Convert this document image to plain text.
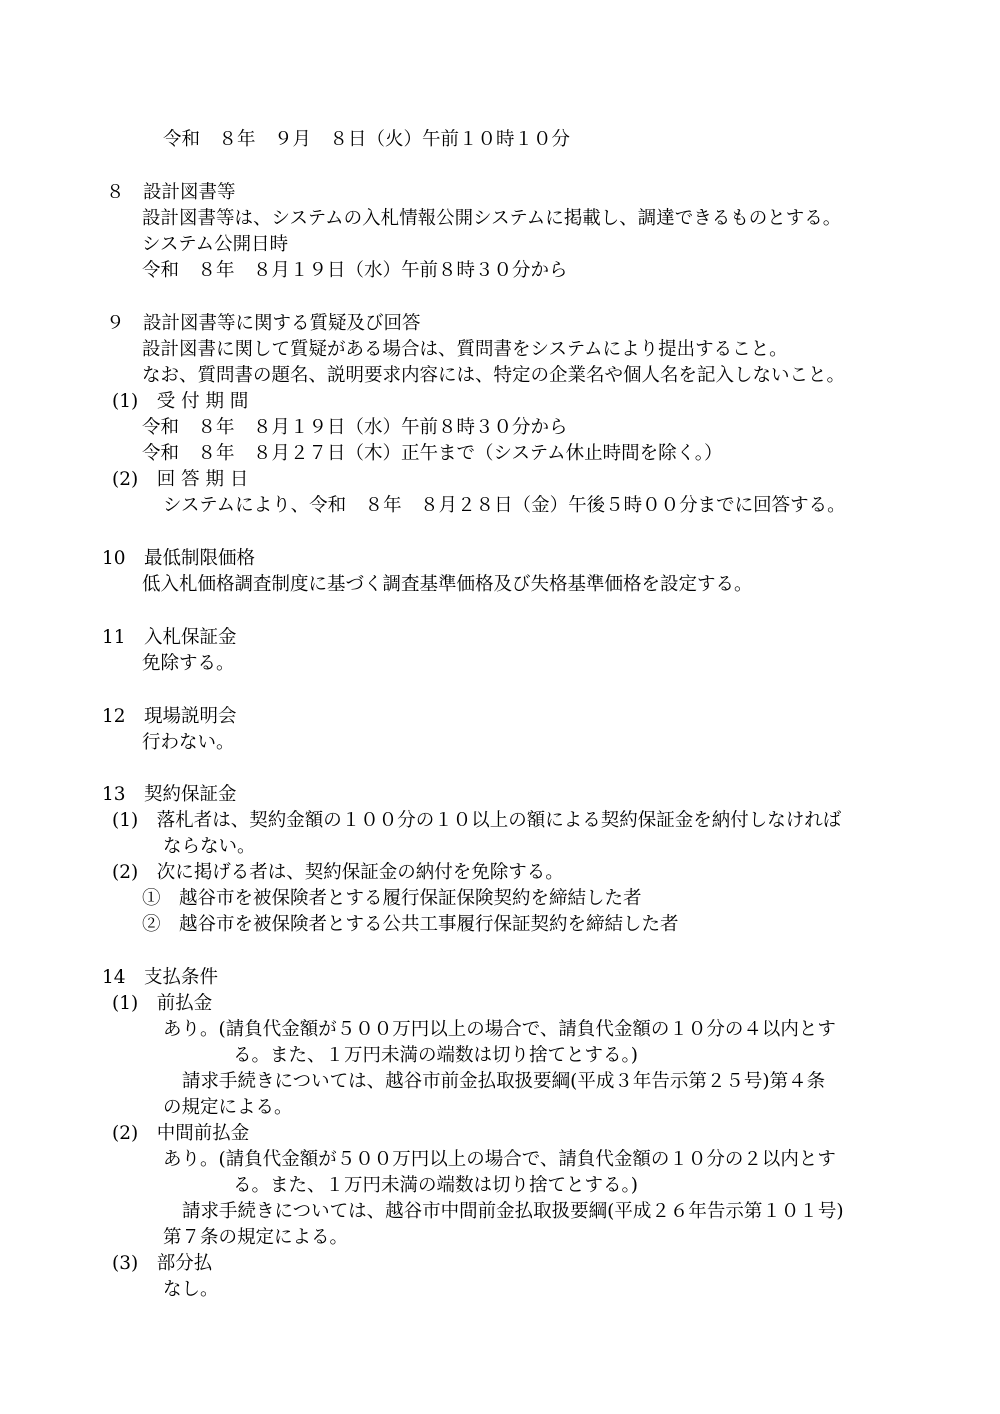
令和　８年　９月　８日（火）午前１０時１０分
８　設計図書等
設計図書等は、システムの入札情報公開システムに掲載し、調達できるものとする。
システム公開日時
令和　８年　８月１９日（水）午前８時３０分から
９　設計図書等に関する質疑及び回答
設計図書に関して質疑がある場合は、質問書をシステムにより提出すること。
なお、質問書の題名、説明要求内容には、特定の企業名や個人名を記入しないこと。
(1)　受 付 期 間
令和　８年　８月１９日（水）午前８時３０分から
令和　８年　８月２７日（木）正午まで（システム休止時間を除く。）
(2)　回 答 期 日
システムにより、令和　８年　８月２８日（金）午後５時００分までに回答する。
10　最低制限価格
低入札価格調査制度に基づく調査基準価格及び失格基準価格を設定する。
11　入札保証金
免除する。
12　現場説明会
行わない。
13　契約保証金
(1)　落札者は、契約金額の１００分の１０以上の額による契約保証金を納付しなければ
ならない。
(2)　次に掲げる者は、契約保証金の納付を免除する。
①　越谷市を被保険者とする履行保証保険契約を締結した者
②　越谷市を被保険者とする公共工事履行保証契約を締結した者
14　支払条件
(1)　前払金
あり。(請負代金額が５００万円以上の場合で、請負代金額の１０分の４以内とす
る。また、１万円未満の端数は切り捨てとする。)
請求手続きについては、越谷市前金払取扱要綱(平成３年告示第２５号)第４条
の規定による。
(2)　中間前払金
あり。(請負代金額が５００万円以上の場合で、請負代金額の１０分の２以内とす
る。また、１万円未満の端数は切り捨てとする。)
請求手続きについては、越谷市中間前金払取扱要綱(平成２６年告示第１０１号)
第７条の規定による。
(3)　部分払
なし。
